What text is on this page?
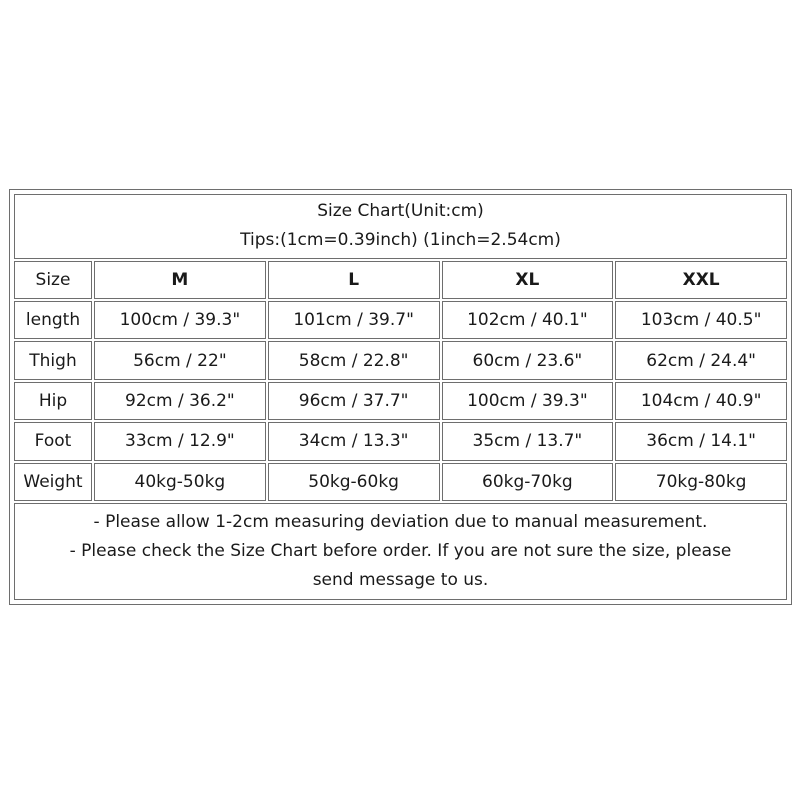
Size Chart(Unit:cm)
Tips:(1cm=0.39inch) (1inch=2.54cm)				

Size	M	L	XL	XXL
length	100cm / 39.3"	101cm / 39.7"	102cm / 40.1"	103cm / 40.5"
Thigh	56cm / 22"	58cm / 22.8"	60cm / 23.6"	62cm / 24.4"
Hip	92cm / 36.2"	96cm / 37.7"	100cm / 39.3"	104cm / 40.9"
Foot	33cm / 12.9"	34cm / 13.3"	35cm / 13.7"	36cm / 14.1"
Weight	40kg-50kg	50kg-60kg	60kg-70kg	70kg-80kg

- Please allow 1-2cm measuring deviation due to manual measurement.
- Please check the Size Chart before order. If you are not sure the size, please
send message to us.				
